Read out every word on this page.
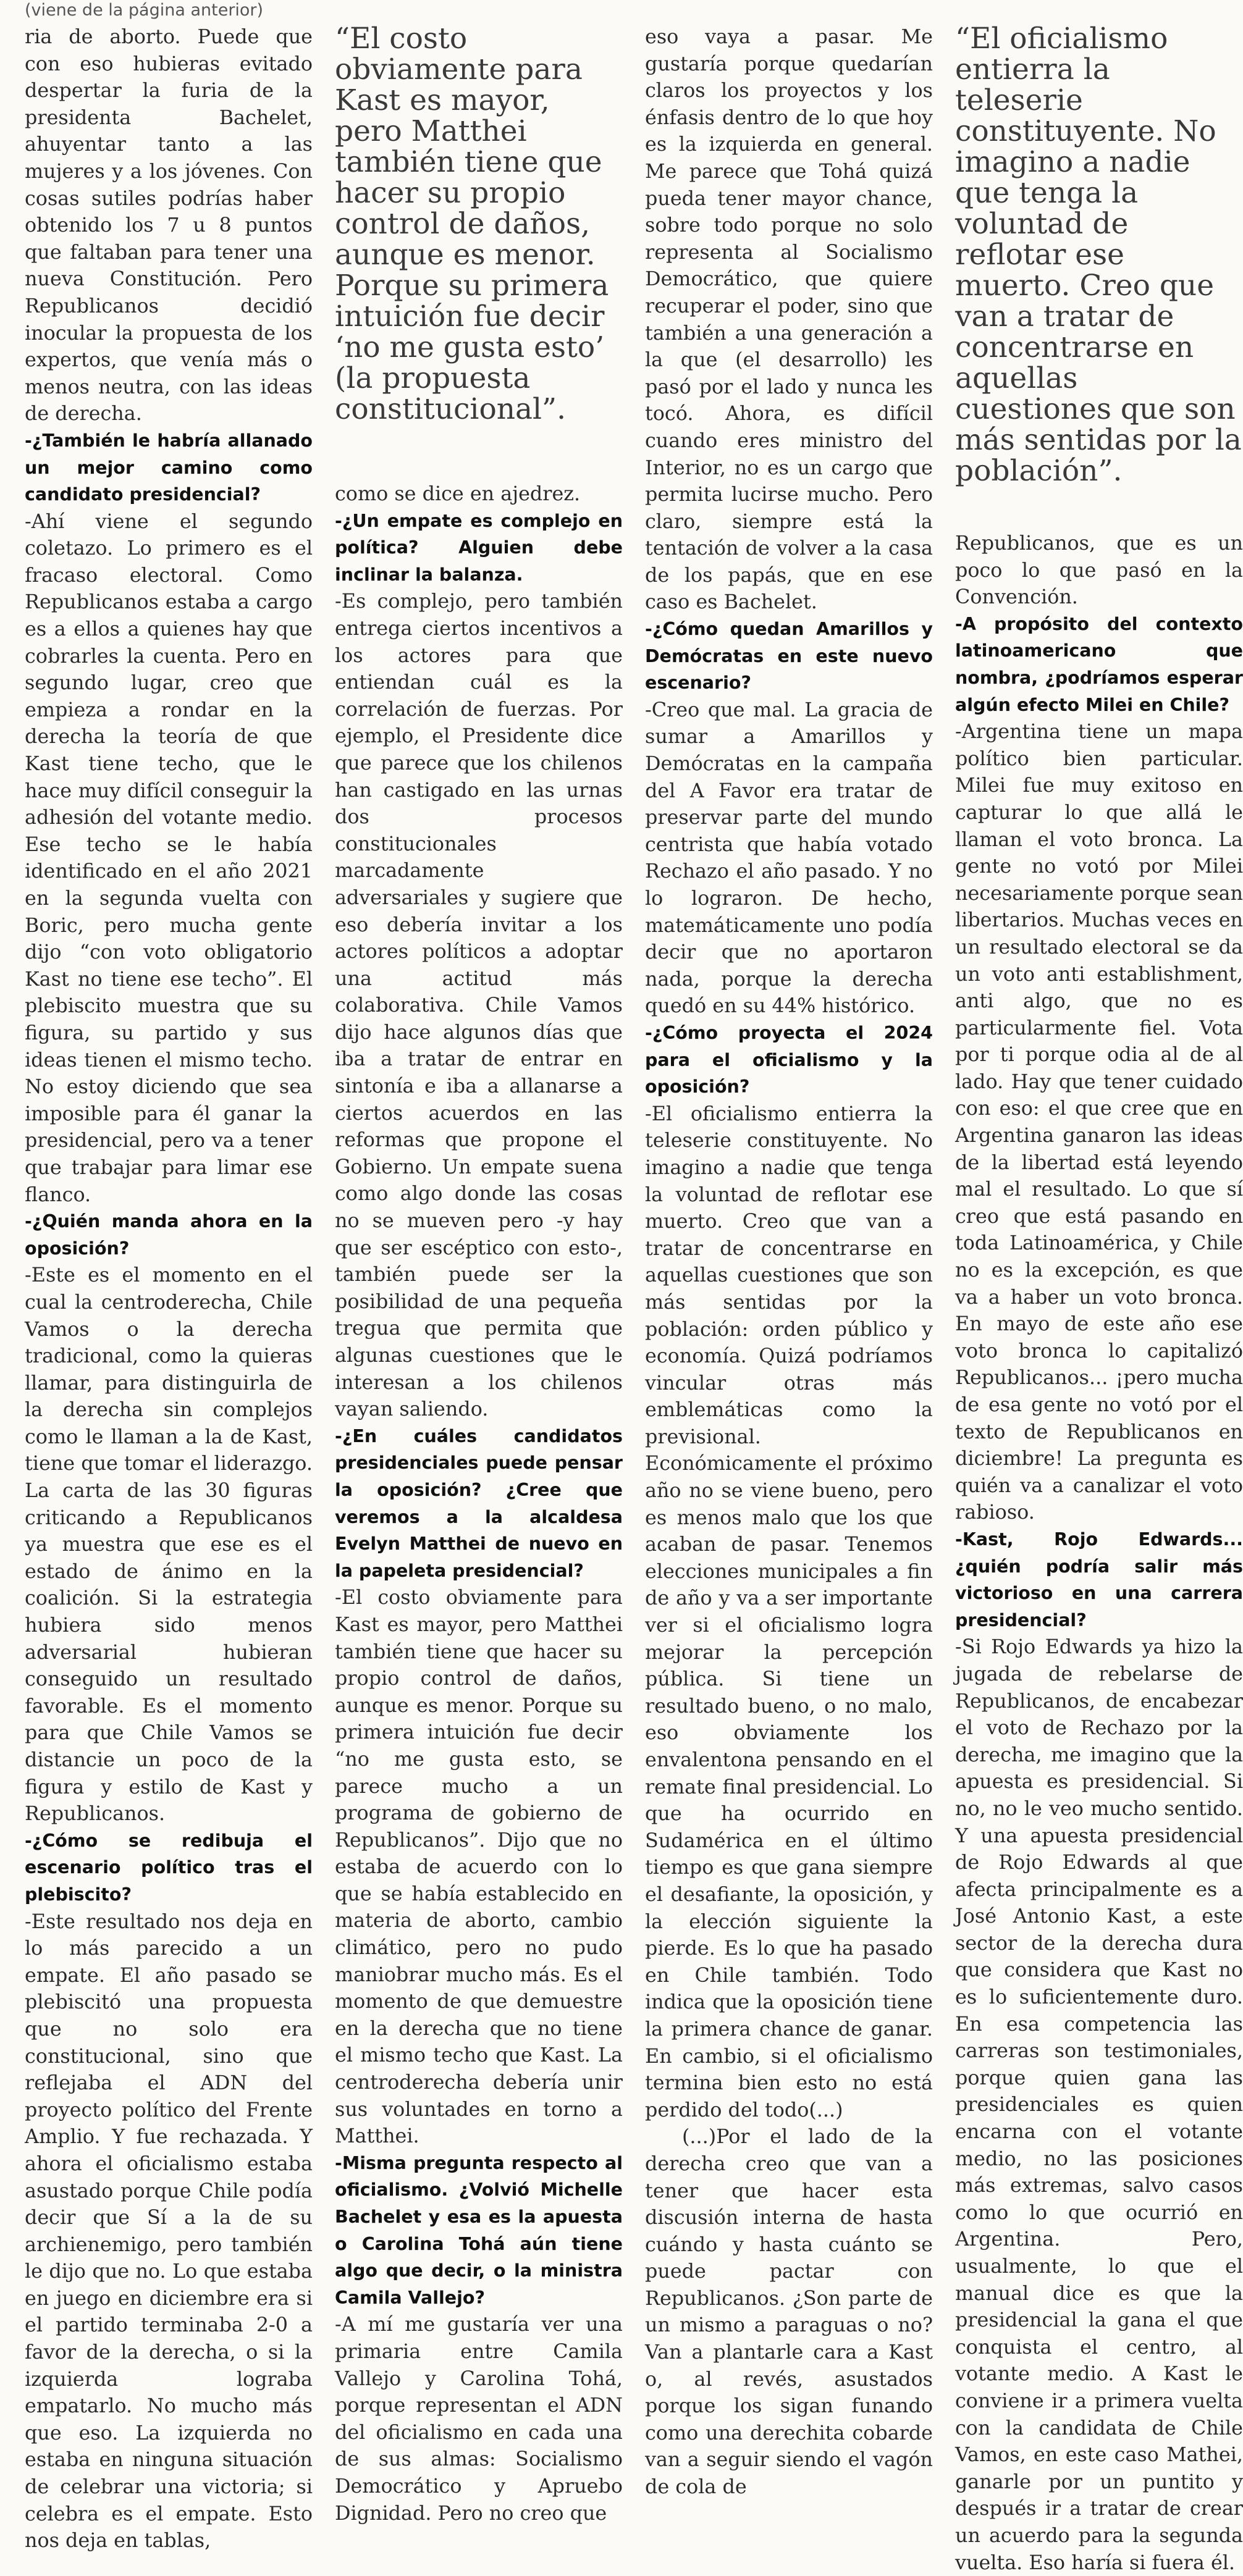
(viene de la página anterior)

ria de aborto. Puede que con eso hubieras evitado despertar la furia de la presidenta Bachelet, ahuyentar tanto a las mujeres y a los jóvenes. Con cosas sutiles podrías haber obtenido los 7 u 8 puntos que faltaban para tener una nueva Constitución. Pero Republicanos decidió inocular la propuesta de los expertos, que venía más o menos neutra, con las ideas de derecha.

-¿También le habría allanado un mejor camino como candidato presidencial?

-Ahí viene el segundo coletazo. Lo primero es el fracaso electoral. Como Republicanos estaba a cargo es a ellos a quienes hay que cobrarles la cuenta. Pero en segundo lugar, creo que empieza a rondar en la derecha la teoría de que Kast tiene techo, que le hace muy difícil conseguir la adhesión del votante medio. Ese techo se le había identificado en el año 2021 en la segunda vuelta con Boric, pero mucha gente dijo “con voto obligatorio Kast no tiene ese techo”. El plebiscito muestra que su figura, su partido y sus ideas tienen el mismo techo. No estoy diciendo que sea imposible para él ganar la presidencial, pero va a tener que trabajar para limar ese flanco.

-¿Quién manda ahora en la oposición?

-Este es el momento en el cual la centroderecha, Chile Vamos o la derecha tradicional, como la quieras llamar, para distinguirla de la derecha sin complejos como le llaman a la de Kast, tiene que tomar el liderazgo. La carta de las 30 figuras criticando a Republicanos ya muestra que ese es el estado de ánimo en la coalición. Si la estrategia hubiera sido menos adversarial hubieran conseguido un resultado favorable. Es el momento para que Chile Vamos se distancie un poco de la figura y estilo de Kast y Republicanos.

-¿Cómo se redibuja el escenario político tras el plebiscito?

-Este resultado nos deja en lo más parecido a un empate. El año pasado se plebiscitó una propuesta que no solo era constitucional, sino que reflejaba el ADN del proyecto político del Frente Amplio. Y fue rechazada. Y ahora el oficialismo estaba asustado porque Chile podía decir que Sí a la de su archienemigo, pero también le dijo que no. Lo que estaba en juego en diciembre era si el partido terminaba 2-0 a favor de la derecha, o si la izquierda lograba empatarlo. No mucho más que eso. La izquierda no estaba en ninguna situación de celebrar una victoria; si celebra es el empate. Esto nos deja en tablas,

“El costo obviamente para Kast es mayor, pero Matthei también tiene que hacer su propio control de daños, aunque es menor. Porque su primera intuición fue decir ‘no me gusta esto’ (la propuesta constitucional”.

como se dice en ajedrez.

-¿Un empate es complejo en política? Alguien debe inclinar la balanza.

-Es complejo, pero también entrega ciertos incentivos a los actores para que entiendan cuál es la correlación de fuerzas. Por ejemplo, el Presidente dice que parece que los chilenos han castigado en las urnas dos procesos constitucionales marcadamente adversariales y sugiere que eso debería invitar a los actores políticos a adoptar una actitud más colaborativa. Chile Vamos dijo hace algunos días que iba a tratar de entrar en sintonía e iba a allanarse a ciertos acuerdos en las reformas que propone el Gobierno. Un empate suena como algo donde las cosas no se mueven pero -y hay que ser escéptico con esto-, también puede ser la posibilidad de una pequeña tregua que permita que algunas cuestiones que le interesan a los chilenos vayan saliendo.

-¿En cuáles candidatos presidenciales puede pensar la oposición? ¿Cree que veremos a la alcaldesa Evelyn Matthei de nuevo en la papeleta presidencial?

-El costo obviamente para Kast es mayor, pero Matthei también tiene que hacer su propio control de daños, aunque es menor. Porque su primera intuición fue decir “no me gusta esto, se parece mucho a un programa de gobierno de Republicanos”. Dijo que no estaba de acuerdo con lo que se había establecido en materia de aborto, cambio climático, pero no pudo maniobrar mucho más. Es el momento de que demuestre en la derecha que no tiene el mismo techo que Kast. La centroderecha debería unir sus voluntades en torno a Matthei.

-Misma pregunta respecto al oficialismo. ¿Volvió Michelle Bachelet y esa es la apuesta o Carolina Tohá aún tiene algo que decir, o la ministra Camila Vallejo?

-A mí me gustaría ver una primaria entre Camila Vallejo y Carolina Tohá, porque representan el ADN del oficialismo en cada una de sus almas: Socialismo Democrático y Apruebo Dignidad. Pero no creo que

eso vaya a pasar. Me gustaría porque quedarían claros los proyectos y los énfasis dentro de lo que hoy es la izquierda en general. Me parece que Tohá quizá pueda tener mayor chance, sobre todo porque no solo representa al Socialismo Democrático, que quiere recuperar el poder, sino que también a una generación a la que (el desarrollo) les pasó por el lado y nunca les tocó. Ahora, es difícil cuando eres ministro del Interior, no es un cargo que permita lucirse mucho. Pero claro, siempre está la tentación de volver a la casa de los papás, que en ese caso es Bachelet.

-¿Cómo quedan Amarillos y Demócratas en este nuevo escenario?

-Creo que mal. La gracia de sumar a Amarillos y Demócratas en la campaña del A Favor era tratar de preservar parte del mundo centrista que había votado Rechazo el año pasado. Y no lo lograron. De hecho, matemáticamente uno podía decir que no aportaron nada, porque la derecha quedó en su 44% histórico.

-¿Cómo proyecta el 2024 para el oficialismo y la oposición?

-El oficialismo entierra la teleserie constituyente. No imagino a nadie que tenga la voluntad de reflotar ese muerto. Creo que van a tratar de concentrarse en aquellas cuestiones que son más sentidas por la población: orden público y economía. Quizá podríamos vincular otras más emblemáticas como la previsional. Económicamente el próximo año no se viene bueno, pero es menos malo que los que acaban de pasar. Tenemos elecciones municipales a fin de año y va a ser importante ver si el oficialismo logra mejorar la percepción pública. Si tiene un resultado bueno, o no malo, eso obviamente los envalentona pensando en el remate final presidencial. Lo que ha ocurrido en Sudamérica en el último tiempo es que gana siempre el desafiante, la oposición, y la elección siguiente la pierde. Es lo que ha pasado en Chile también. Todo indica que la oposición tiene la primera chance de ganar. En cambio, si el oficialismo termina bien esto no está perdido del todo(...)

(...)Por el lado de la derecha creo que van a tener que hacer esta discusión interna de hasta cuándo y hasta cuánto se puede pactar con Republicanos. ¿Son parte de un mismo a paraguas o no? Van a plantarle cara a Kast o, al revés, asustados porque los sigan funando como una derechita cobarde van a seguir siendo el vagón de cola de

“El oficialismo entierra la teleserie constituyente. No imagino a nadie que tenga la voluntad de reflotar ese muerto. Creo que van a tratar de concentrarse en aquellas cuestiones que son más sentidas por la población”.

Republicanos, que es un poco lo que pasó en la Convención.

-A propósito del contexto latinoamericano que nombra, ¿podríamos esperar algún efecto Milei en Chile?

-Argentina tiene un mapa político bien particular. Milei fue muy exitoso en capturar lo que allá le llaman el voto bronca. La gente no votó por Milei necesariamente porque sean libertarios. Muchas veces en un resultado electoral se da un voto anti establishment, anti algo, que no es particularmente fiel. Vota por ti porque odia al de al lado. Hay que tener cuidado con eso: el que cree que en Argentina ganaron las ideas de la libertad está leyendo mal el resultado. Lo que sí creo que está pasando en toda Latinoamérica, y Chile no es la excepción, es que va a haber un voto bronca. En mayo de este año ese voto bronca lo capitalizó Republicanos... ¡pero mucha de esa gente no votó por el texto de Republicanos en diciembre! La pregunta es quién va a canalizar el voto rabioso.

-Kast, Rojo Edwards... ¿quién podría salir más victorioso en una carrera presidencial?

-Si Rojo Edwards ya hizo la jugada de rebelarse de Republicanos, de encabezar el voto de Rechazo por la derecha, me imagino que la apuesta es presidencial. Si no, no le veo mucho sentido. Y una apuesta presidencial de Rojo Edwards al que afecta principalmente es a José Antonio Kast, a este sector de la derecha dura que considera que Kast no es lo suficientemente duro. En esa competencia las carreras son testimoniales, porque quien gana las presidenciales es quien encarna con el votante medio, no las posiciones más extremas, salvo casos como lo que ocurrió en Argentina. Pero, usualmente, lo que el manual dice es que la presidencial la gana el que conquista el centro, al votante medio. A Kast le conviene ir a primera vuelta con la candidata de Chile Vamos, en este caso Mathei, ganarle por un puntito y después ir a tratar de crear un acuerdo para la segunda vuelta. Eso haría si fuera él.
